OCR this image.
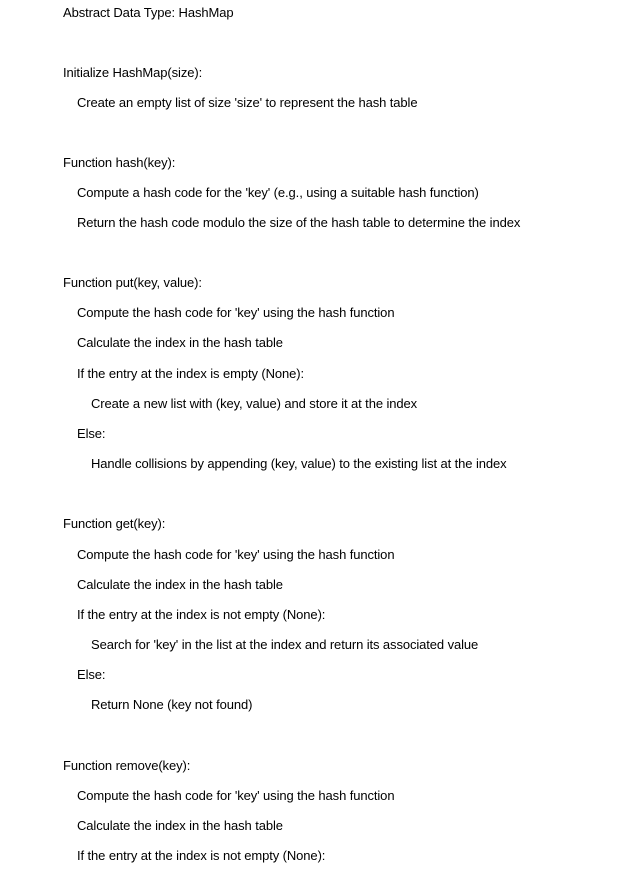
Abstract Data Type: HashMap
Initialize HashMap(size):
Create an empty list of size 'size' to represent the hash table
Function hash(key):
Compute a hash code for the 'key' (e.g., using a suitable hash function)
Return the hash code modulo the size of the hash table to determine the index
Function put(key, value):
Compute the hash code for 'key' using the hash function
Calculate the index in the hash table
If the entry at the index is empty (None):
Create a new list with (key, value) and store it at the index
Else:
Handle collisions by appending (key, value) to the existing list at the index
Function get(key):
Compute the hash code for 'key' using the hash function
Calculate the index in the hash table
If the entry at the index is not empty (None):
Search for 'key' in the list at the index and return its associated value
Else:
Return None (key not found)
Function remove(key):
Compute the hash code for 'key' using the hash function
Calculate the index in the hash table
If the entry at the index is not empty (None):
